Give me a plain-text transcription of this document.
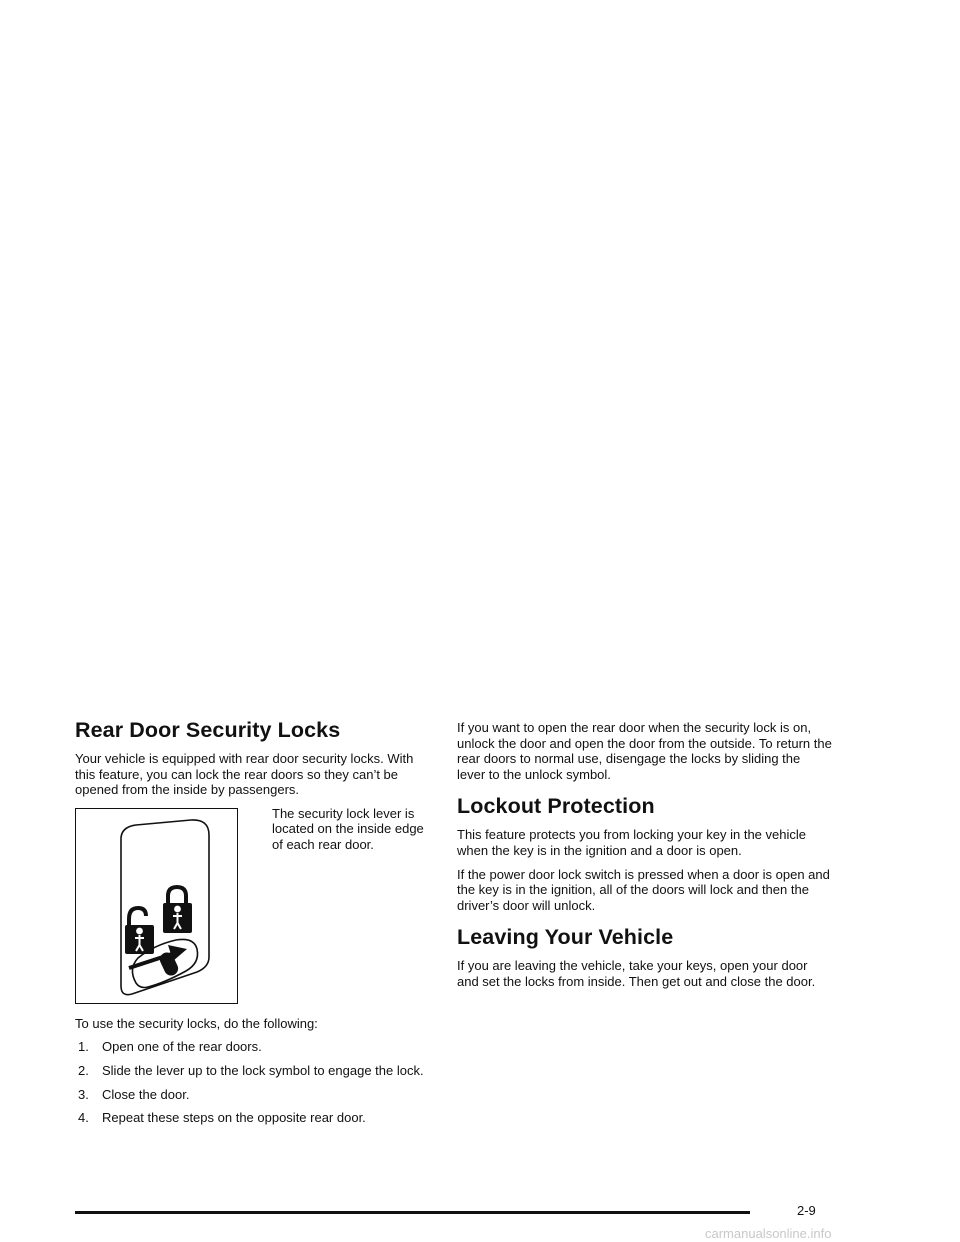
Rear Door Security Locks

Your vehicle is equipped with rear door security locks. With this feature, you can lock the rear doors so they can’t be opened from the inside by passengers.

The security lock lever is located on the inside edge of each rear door.

To use the security locks, do the following:

1. Open one of the rear doors.
2. Slide the lever up to the lock symbol to engage the lock.
3. Close the door.
4. Repeat these steps on the opposite rear door.

If you want to open the rear door when the security lock is on, unlock the door and open the door from the outside. To return the rear doors to normal use, disengage the locks by sliding the lever to the unlock symbol.

Lockout Protection

This feature protects you from locking your key in the vehicle when the key is in the ignition and a door is open.

If the power door lock switch is pressed when a door is open and the key is in the ignition, all of the doors will lock and then the driver’s door will unlock.

Leaving Your Vehicle

If you are leaving the vehicle, take your keys, open your door and set the locks from inside. Then get out and close the door.

2-9
carmanualsonline.info
